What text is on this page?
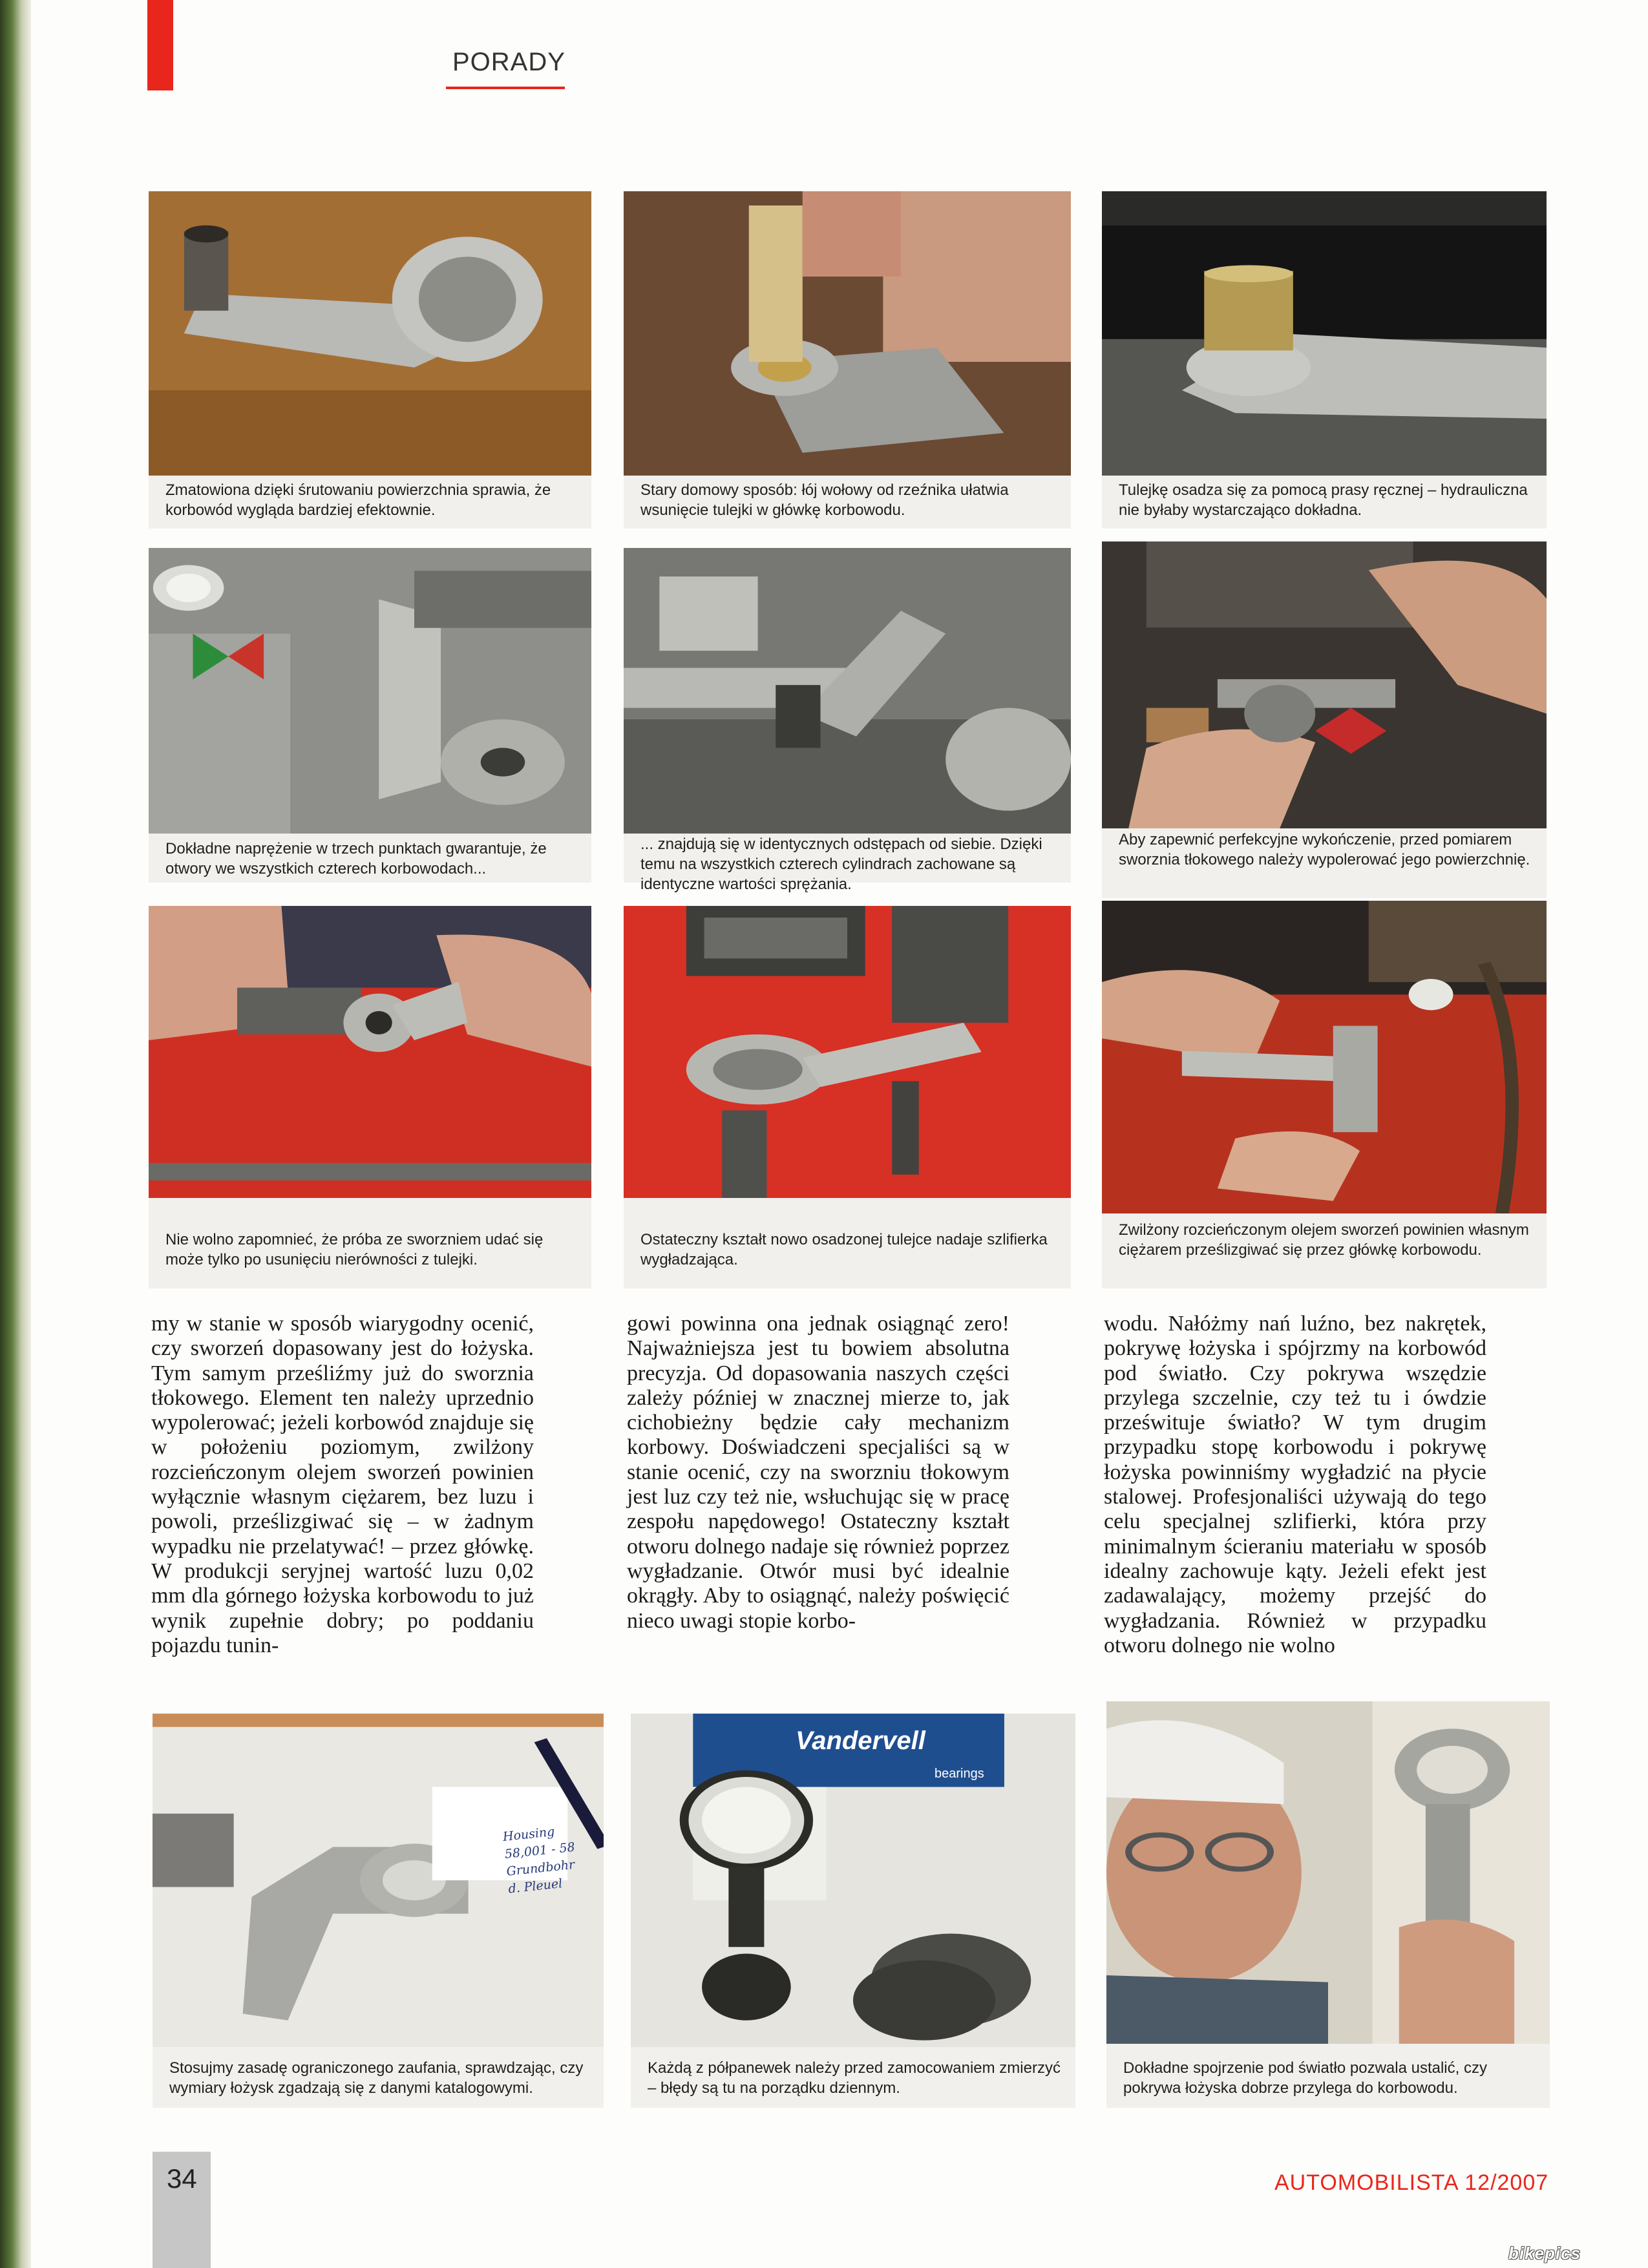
PORADY
Zmatowiona dzięki śrutowaniu powierzchnia sprawia, że korbowód wygląda bardziej efektownie.
Stary domowy sposób: łój wołowy od rzeźnika ułatwia wsunięcie tulejki w główkę korbowodu.
Tulejkę osadza się za pomocą prasy ręcznej – hydrauliczna nie byłaby wystarczająco dokładna.
Dokładne naprężenie w trzech punktach gwarantuje, że otwory we wszystkich czterech korbowodach...
... znajdują się w identycznych odstępach od siebie. Dzięki temu na wszystkich czterech cylindrach zachowane są identyczne wartości sprężania.
Aby zapewnić perfekcyjne wykończenie, przed pomiarem sworznia tłokowego należy wypolerować jego powierzchnię.
Nie wolno zapomnieć, że próba ze sworzniem udać się może tylko po usunięciu nierówności z tulejki.
Ostateczny kształt nowo osadzonej tulejce nadaje szlifierka wygładzająca.
Zwilżony rozcieńczonym olejem sworzeń powinien własnym ciężarem prześlizgiwać się przez główkę korbowodu.

my w stanie w sposób wiarygodny ocenić, czy sworzeń dopasowany jest do łożyska. Tym samym prześliźmy już do sworznia tłokowego. Element ten należy uprzednio wypolerować; jeżeli korbowód znajduje się w położeniu poziomym, zwilżony rozcieńczonym olejem sworzeń powinien wyłącznie własnym ciężarem, bez luzu i powoli, prześlizgiwać się – w żadnym wypadku nie przelatywać! – przez główkę. W produkcji seryjnej wartość luzu 0,02 mm dla górnego łożyska korbowodu to już wynik zupełnie dobry; po poddaniu pojazdu tunin-

gowi powinna ona jednak osiągnąć zero! Najważniejsza jest tu bowiem absolutna precyzja. Od dopasowania naszych części zależy później w znacznej mierze to, jak cichobieżny będzie cały mechanizm korbowy. Doświadczeni specjaliści są w stanie ocenić, czy na sworzniu tłokowym jest luz czy też nie, wsłuchując się w pracę zespołu napędowego! Ostateczny kształt otworu dolnego nadaje się również poprzez wygładzanie. Otwór musi być idealnie okrągły. Aby to osiągnąć, należy poświęcić nieco uwagi stopie korbo-

wodu. Nałóżmy nań luźno, bez nakrętek, pokrywę łożyska i spójrzmy na korbowód pod światło. Czy pokrywa wszędzie przylega szczelnie, czy też tu i ówdzie prześwituje światło? W tym drugim przypadku stopę korbowodu i pokrywę łożyska powinniśmy wygładzić na płycie stalowej. Profesjonaliści używają do tego celu specjalnej szlifierki, która przy minimalnym ścieraniu materiału w sposób idealny zachowuje kąty. Jeżeli efekt jest zadawalający, możemy przejść do wygładzania. Również w przypadku otworu dolnego nie wolno

Housing
58,001 - 58
Grundbohr
d. Pleuel
Stosujmy zasadę ograniczonego zaufania, sprawdzając, czy wymiary łożysk zgadzają się z danymi katalogowymi.
Vandervell
bearings
Każdą z półpanewek należy przed zamocowaniem zmierzyć – błędy są tu na porządku dziennym.
Dokładne spojrzenie pod światło pozwala ustalić, czy pokrywa łożyska dobrze przylega do korbowodu.
34	AUTOMOBILISTA 12/2007
bikepics
